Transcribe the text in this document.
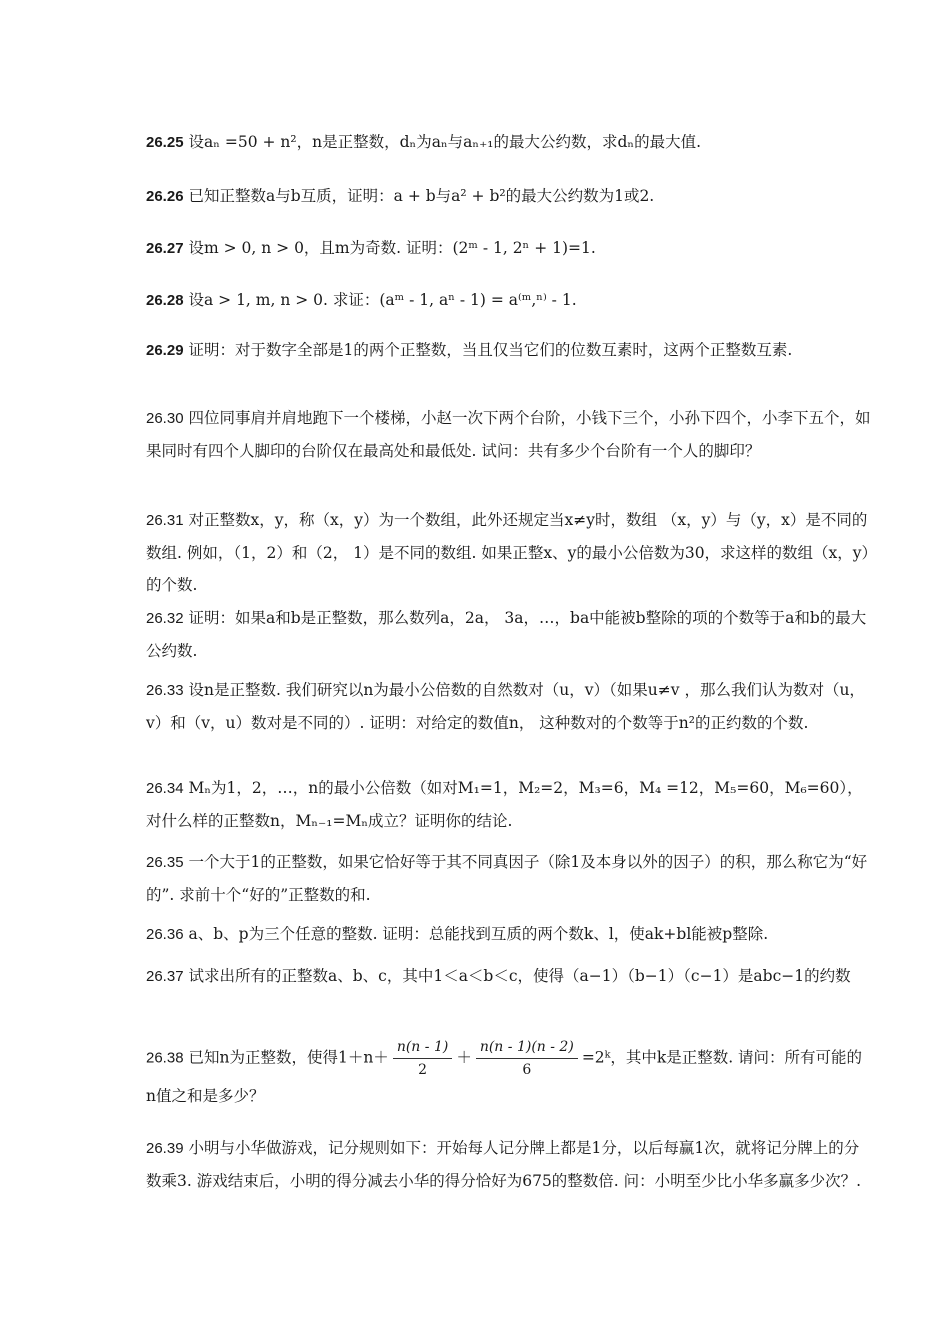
26.25 设aₙ =50 + n²，n是正整数，dₙ为aₙ与aₙ₊₁的最大公约数，求dₙ的最大值.
26.26 已知正整数a与b互质，证明：a + b与a² + b²的最大公约数为1或2.
26.27 设m > 0, n > 0，且m为奇数. 证明：(2ᵐ - 1, 2ⁿ + 1)=1.
26.28 设a > 1, m, n > 0. 求证：(aᵐ - 1, aⁿ - 1) = a⁽ᵐ,ⁿ⁾ - 1.
26.29 证明：对于数字全部是1的两个正整数，当且仅当它们的位数互素时，这两个正整数互素.
26.30 四位同事肩并肩地跑下一个楼梯，小赵一次下两个台阶，小钱下三个，小孙下四个，小李下五个，如果同时有四个人脚印的台阶仅在最高处和最低处. 试问：共有多少个台阶有一个人的脚印？
26.31 对正整数x，y，称（x，y）为一个数组，此外还规定当x≠y时，数组 （x，y）与（y，x）是不同的数组. 例如，（1，2）和（2， 1）是不同的数组. 如果正整x、y的最小公倍数为30，求这样的数组（x，y）的个数.
26.32 证明：如果a和b是正整数，那么数列a，2a， 3a，…，ba中能被b整除的项的个数等于a和b的最大公约数.
26.33 设n是正整数. 我们研究以n为最小公倍数的自然数对（u，v）（如果u≠v ，那么我们认为数对（u，v）和（v，u）数对是不同的）. 证明：对给定的数值n， 这种数对的个数等于n²的正约数的个数.
26.34 Mₙ为1，2，…，n的最小公倍数（如对M₁=1，M₂=2，M₃=6，M₄ =12，M₅=60，M₆=60），对什么样的正整数n，Mₙ₋₁=Mₙ成立？证明你的结论.
26.35 一个大于1的正整数，如果它恰好等于其不同真因子（除1及本身以外的因子）的积，那么称它为“好的”. 求前十个“好的”正整数的和.
26.36 a、b、p为三个任意的整数. 证明：总能找到互质的两个数k、l，使ak+bl能被p整除.
26.37 试求出所有的正整数a、b、c，其中1＜a＜b＜c，使得（a−1）（b−1）（c−1）是abc−1的约数
26.38 已知n为正整数，使得$1+n+ \frac{n(n - 1)}{2} + \frac{n(n - 1)(n - 2)}{6}$ =2ᵏ，其中k是正整数. 请问：所有可能的n值之和是多少？
26.39 小明与小华做游戏，记分规则如下：开始每人记分牌上都是1分，以后每赢1次，就将记分牌上的分数乘3. 游戏结束后，小明的得分减去小华的得分恰好为675的整数倍. 问：小明至少比小华多赢多少次？.
